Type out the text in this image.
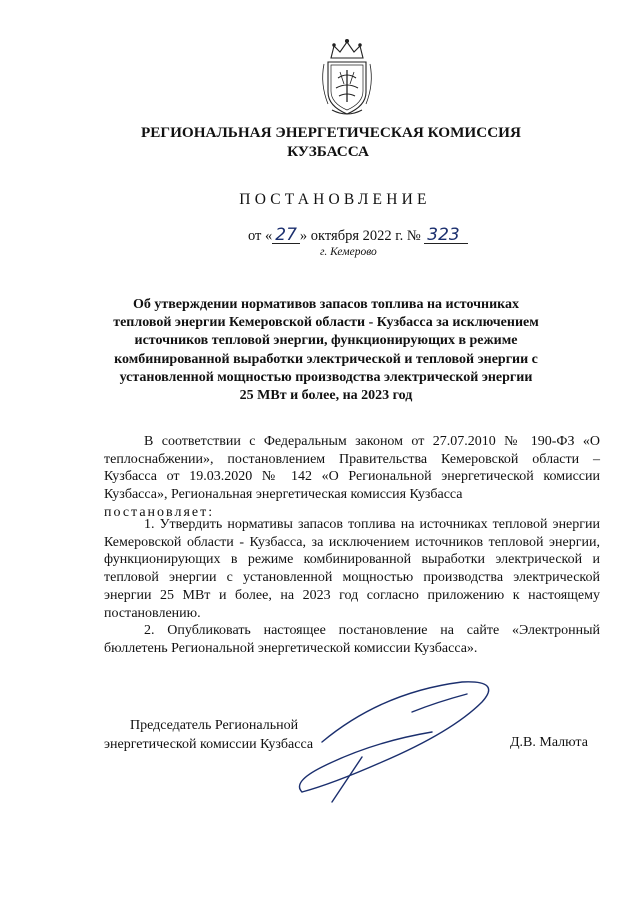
РЕГИОНАЛЬНАЯ ЭНЕРГЕТИЧЕСКАЯ КОМИССИЯ
КУЗБАССА
ПОСТАНОВЛЕНИЕ
от « 27 » октября 2022 г. № 323
г. Кемерово
Об утверждении нормативов запасов топлива на источниках
тепловой энергии Кемеровской области - Кузбасса за исключением
источников тепловой энергии, функционирующих в режиме
комбинированной выработки электрической и тепловой энергии с
установленной мощностью производства электрической энергии
25 МВт и более, на 2023 год
В соответствии с Федеральным законом от 27.07.2010 № 190-ФЗ «О теплоснабжении», постановлением Правительства Кемеровской области – Кузбасса от 19.03.2020 № 142 «О Региональной энергетической комиссии Кузбасса», Региональная энергетическая комиссия Кузбасса
постановляет:
1. Утвердить нормативы запасов топлива на источниках тепловой энергии Кемеровской области - Кузбасса, за исключением источников тепловой энергии, функционирующих в режиме комбинированной выработки электрической и тепловой энергии с установленной мощностью производства электрической энергии 25 МВт и более, на 2023 год согласно приложению к настоящему постановлению.
2. Опубликовать настоящее постановление на сайте «Электронный бюллетень Региональной энергетической комиссии Кузбасса».
Председатель Региональной
энергетической комиссии Кузбасса	Д.В. Малюта
